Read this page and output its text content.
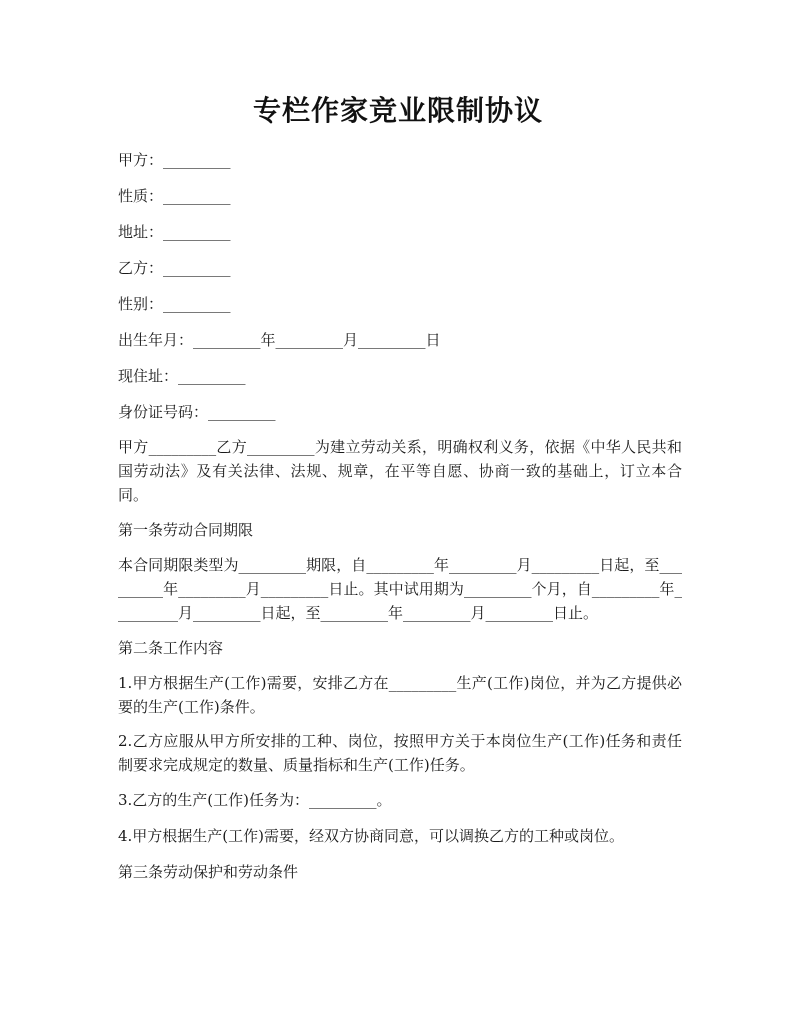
专栏作家竞业限制协议

甲方：_________

性质：_________

地址：_________

乙方：_________

性别：_________

出生年月：_________年_________月_________日

现住址：_________

身份证号码：_________

甲方_________乙方_________为建立劳动关系，明确权利义务，依据《中华人民共和国劳动法》及有关法律、法规、规章，在平等自愿、协商一致的基础上，订立本合同。

第一条劳动合同期限

本合同期限类型为_________期限，自_________年_________月_________日起，至_________年_________月_________日止。其中试用期为_________个月，自_________年_________月_________日起，至_________年_________月_________日止。

第二条工作内容

1.甲方根据生产(工作)需要，安排乙方在_________生产(工作)岗位，并为乙方提供必要的生产(工作)条件。

2.乙方应服从甲方所安排的工种、岗位，按照甲方关于本岗位生产(工作)任务和责任制要求完成规定的数量、质量指标和生产(工作)任务。

3.乙方的生产(工作)任务为：_________。

4.甲方根据生产(工作)需要，经双方协商同意，可以调换乙方的工种或岗位。

第三条劳动保护和劳动条件
